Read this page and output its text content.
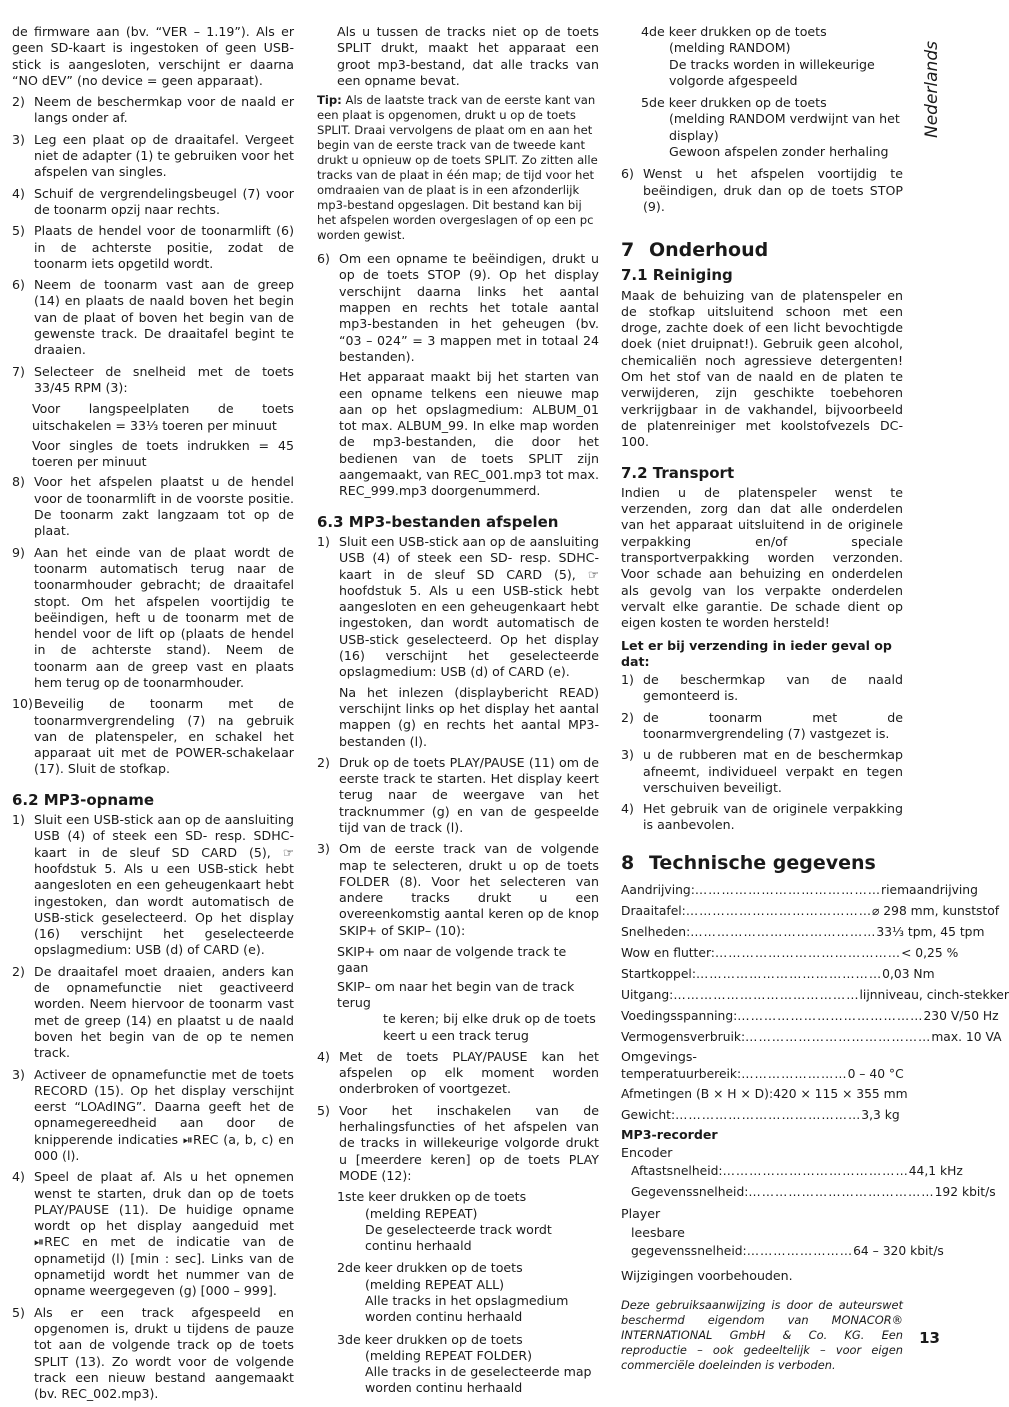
de firmware aan (bv. “VER – 1.19”). Als er geen SD-kaart is ingestoken of geen USB-stick is aangesloten, verschijnt er daarna “NO dEV” (no device = geen apparaat).

2) Neem de beschermkap voor de naald er langs onder af.
3) Leg een plaat op de draaitafel. Vergeet niet de adapter (1) te gebruiken voor het afspelen van singles.
4) Schuif de vergrendelingsbeugel (7) voor de toonarm opzij naar rechts.
5) Plaats de hendel voor de toonarmlift (6) in de achterste positie, zodat de toonarm iets opgetild wordt.
6) Neem de toonarm vast aan de greep (14) en plaats de naald boven het begin van de plaat of boven het begin van de gewenste track. De draaitafel begint te draaien.
7) Selecteer de snelheid met de toets 33/45 RPM (3):
Voor langspeelplaten de toets uitschakelen = 33⅓ toeren per minuut
Voor singles de toets indrukken = 45 toeren per minuut
8) Voor het afspelen plaatst u de hendel voor de toonarmlift in de voorste positie. De toonarm zakt langzaam tot op de plaat.
9) Aan het einde van de plaat wordt de toonarm automatisch terug naar de toonarmhouder gebracht; de draaitafel stopt. Om het afspelen voortijdig te beëindigen, heft u de toonarm met de hendel voor de lift op (plaats de hendel in de achterste stand). Neem de toonarm aan de greep vast en plaats hem terug op de toonarmhouder.
10) Beveilig de toonarm met de toonarmvergrendeling (7) na gebruik van de platenspeler, en schakel het apparaat uit met de POWER-schakelaar (17). Sluit de stofkap.
6.2 MP3-opname
1) Sluit een USB-stick aan op de aansluiting USB (4) of steek een SD- resp. SDHC-kaart in de sleuf SD CARD (5), ☞ hoofdstuk 5. Als u een USB-stick hebt aangesloten en een geheugenkaart hebt ingestoken, dan wordt automatisch de USB-stick geselecteerd. Op het display (16) verschijnt het geselecteerde opslagmedium: USB (d) of CARD (e).
2) De draaitafel moet draaien, anders kan de opnamefunctie niet geactiveerd worden. Neem hiervoor de toonarm vast met de greep (14) en plaatst u de naald boven het begin van de op te nemen track.
3) Activeer de opnamefunctie met de toets RECORD (15). Op het display verschijnt eerst “LOAdING”. Daarna geeft het de opnamegereedheid aan door de knipperende indicaties ⏯REC (a, b, c) en 000 (l).
4) Speel de plaat af. Als u het opnemen wenst te starten, druk dan op de toets PLAY/PAUSE (11). De huidige opname wordt op het display aangeduid met ⏯REC en met de indicatie van de opnametijd (l) [min : sec]. Links van de opnametijd wordt het nummer van de opname weergegeven (g) [000 – 999].
5) Als er een track afgespeeld en opgenomen is, drukt u tijdens de pauze tot aan de volgende track op de toets SPLIT (13). Zo wordt voor de volgende track een nieuw bestand aangemaakt (bv. REC_002.mp3).

Als u tussen de tracks niet op de toets SPLIT drukt, maakt het apparaat een groot mp3-bestand, dat alle tracks van een opname bevat.

Tip: Als de laatste track van de eerste kant van een plaat is opgenomen, drukt u op de toets SPLIT. Draai vervolgens de plaat om en aan het begin van de eerste track van de tweede kant drukt u opnieuw op de toets SPLIT. Zo zitten alle tracks van de plaat in één map; de tijd voor het omdraaien van de plaat is in een afzonderlijk mp3-bestand opgeslagen. Dit bestand kan bij het afspelen worden overgeslagen of op een pc worden gewist.
6) Om een opname te beëindigen, drukt u op de toets STOP (9). Op het display verschijnt daarna links het aantal mappen en rechts het totale aantal mp3-bestanden in het geheugen (bv. “03 – 024” = 3 mappen met in totaal 24 bestanden).

Het apparaat maakt bij het starten van een opname telkens een nieuwe map aan op het opslagmedium: ALBUM_01 tot max. ALBUM_99. In elke map worden de mp3-bestanden, die door het bedienen van de toets SPLIT zijn aangemaakt, van REC_001.mp3 tot max. REC_999.mp3 doorgenummerd.

6.3 MP3-bestanden afspelen
1) Sluit een USB-stick aan op de aansluiting USB (4) of steek een SD- resp. SDHC-kaart in de sleuf SD CARD (5), ☞ hoofdstuk 5. Als u een USB-stick hebt aangesloten en een geheugenkaart hebt ingestoken, dan wordt automatisch de USB-stick geselecteerd. Op het display (16) verschijnt het geselecteerde opslagmedium: USB (d) of CARD (e).

Na het inlezen (displaybericht READ) verschijnt links op het display het aantal mappen (g) en rechts het aantal MP3-bestanden (l).

2) Druk op de toets PLAY/PAUSE (11) om de eerste track te starten. Het display keert terug naar de weergave van het tracknummer (g) en van de gespeelde tijd van de track (l).
3) Om de eerste track van de volgende map te selecteren, drukt u op de toets FOLDER (8). Voor het selecteren van andere tracks drukt u een overeenkomstig aantal keren op de knop SKIP+ of SKIP– (10):
SKIP+ om naar de volgende track te gaan
SKIP– om naar het begin van de track terug
te keren; bij elke druk op de toets keert u een track terug
4) Met de toets PLAY/PAUSE kan het afspelen op elk moment worden onderbroken of voortgezet.
5) Voor het inschakelen van de herhalingsfuncties of het afspelen van de tracks in willekeurige volgorde drukt u [meerdere keren] op de toets PLAY MODE (12):
1ste keer drukken op de toets
(melding REPEAT)
De geselecteerde track wordt continu herhaald
2de keer drukken op de toets
(melding REPEAT ALL)
Alle tracks in het opslagmedium worden continu herhaald
3de keer drukken op de toets
(melding REPEAT FOLDER)
Alle tracks in de geselecteerde map worden continu herhaald
4de keer drukken op de toets
(melding RANDOM)
De tracks worden in willekeurige volgorde afgespeeld
5de keer drukken op de toets
(melding RANDOM verdwijnt van het display)
Gewoon afspelen zonder herhaling
6) Wenst u het afspelen voortijdig te beëindigen, druk dan op de toets STOP (9).
7 Onderhoud
7.1 Reiniging

Maak de behuizing van de platenspeler en de stofkap uitsluitend schoon met een droge, zachte doek of een licht bevochtigde doek (niet druipnat!). Gebruik geen alcohol, chemicaliën noch agressieve detergenten! Om het stof van de naald en de platen te verwijderen, zijn geschikte toebehoren verkrijgbaar in de vakhandel, bijvoorbeeld de platenreiniger met koolstofvezels DC-100.

7.2 Transport

Indien u de platenspeler wenst te verzenden, zorg dan dat alle onderdelen van het apparaat uitsluitend in de originele verpakking en/of speciale transportverpakking worden verzonden. Voor schade aan behuizing en onderdelen als gevolg van los verpakte onderdelen vervalt elke garantie. De schade dient op eigen kosten te worden hersteld!

Let er bij verzending in ieder geval op dat:
1) de beschermkap van de naald gemonteerd is.
2) de toonarm met de toonarmvergrendeling (7) vastgezet is.
3) u de rubberen mat en de beschermkap afneemt, individueel verpakt en tegen verschuiven beveiligt.
4) Het gebruik van de originele verpakking is aanbevolen.
8 Technische gegevens
Aandrijving: …………………………………… riemaandrijving
Draaitafel: …………………………………… ⌀ 298 mm, kunststof
Snelheden: …………………………………… 33⅓ tpm, 45 tpm
Wow en flutter: …………………………………… < 0,25 %
Startkoppel: …………………………………… 0,03 Nm
Uitgang: …………………………………… lijnniveau, cinch-stekker
Voedingsspanning: …………………………………… 230 V/50 Hz
Vermogensverbruik: …………………………………… max. 10 VA
Omgevings-
temperatuurbereik: …………………… 0 – 40 °C
Afmetingen (B × H × D): 420 × 115 × 355 mm
Gewicht: …………………………………… 3,3 kg
MP3-recorder
Encoder
Aftastsnelheid: …………………………………… 44,1 kHz
Gegevenssnelheid: …………………………………… 192 kbit/s
Player
leesbare
gegevenssnelheid: …………………… 64 – 320 kbit/s
Wijzigingen voorbehouden.
Deze gebruiksaanwijzing is door de auteurswet beschermd eigendom van MONACOR® INTERNATIONAL GmbH & Co. KG. Een reproductie – ook gedeeltelijk – voor eigen commerciële doeleinden is verboden.
Nederlands
13
